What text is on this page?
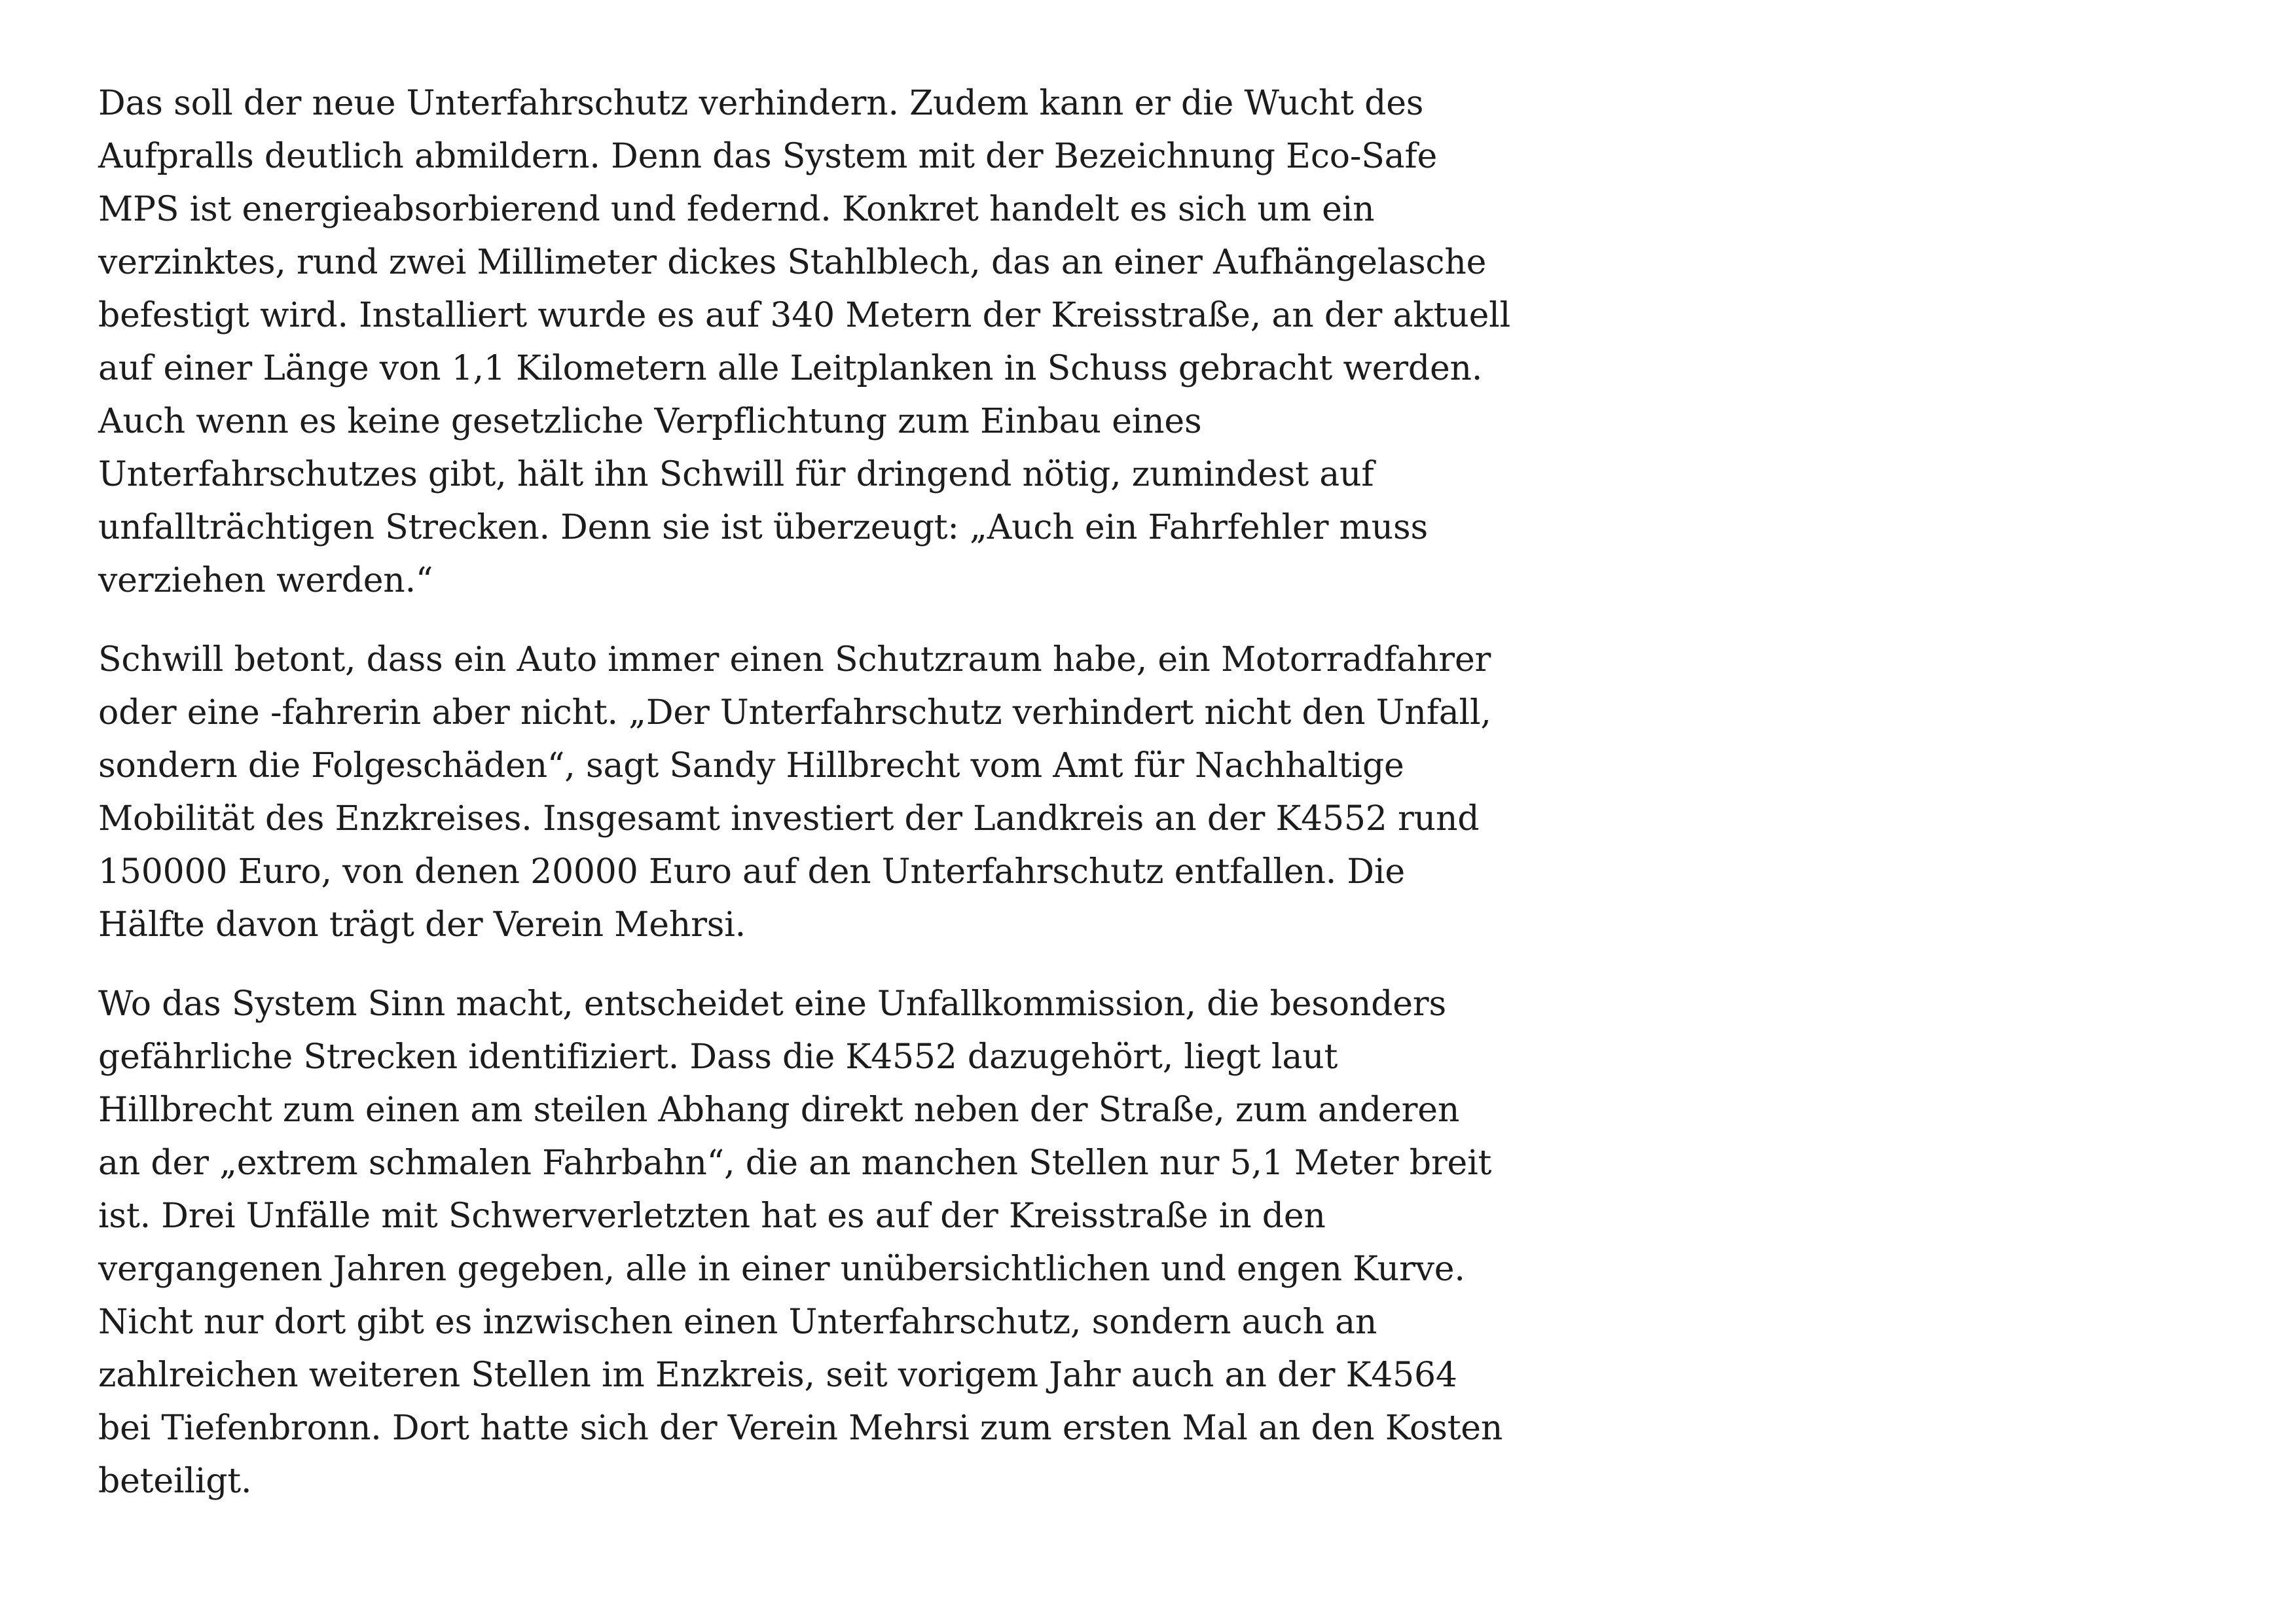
Das soll der neue Unterfahrschutz verhindern. Zudem kann er die Wucht des
Aufpralls deutlich abmildern. Denn das System mit der Bezeichnung Eco-Safe
MPS ist energieabsorbierend und federnd. Konkret handelt es sich um ein
verzinktes, rund zwei Millimeter dickes Stahlblech, das an einer Aufhängelasche
befestigt wird. Installiert wurde es auf 340 Metern der Kreisstraße, an der aktuell
auf einer Länge von 1,1 Kilometern alle Leitplanken in Schuss gebracht werden.
Auch wenn es keine gesetzliche Verpflichtung zum Einbau eines
Unterfahrschutzes gibt, hält ihn Schwill für dringend nötig, zumindest auf
unfallträchtigen Strecken. Denn sie ist überzeugt: „Auch ein Fahrfehler muss
verziehen werden.“

Schwill betont, dass ein Auto immer einen Schutzraum habe, ein Motorradfahrer
oder eine -fahrerin aber nicht. „Der Unterfahrschutz verhindert nicht den Unfall,
sondern die Folgeschäden“, sagt Sandy Hillbrecht vom Amt für Nachhaltige
Mobilität des Enzkreises. Insgesamt investiert der Landkreis an der K4552 rund
150000 Euro, von denen 20000 Euro auf den Unterfahrschutz entfallen. Die
Hälfte davon trägt der Verein Mehrsi.

Wo das System Sinn macht, entscheidet eine Unfallkommission, die besonders
gefährliche Strecken identifiziert. Dass die K4552 dazugehört, liegt laut
Hillbrecht zum einen am steilen Abhang direkt neben der Straße, zum anderen
an der „extrem schmalen Fahrbahn“, die an manchen Stellen nur 5,1 Meter breit
ist. Drei Unfälle mit Schwerverletzten hat es auf der Kreisstraße in den
vergangenen Jahren gegeben, alle in einer unübersichtlichen und engen Kurve.
Nicht nur dort gibt es inzwischen einen Unterfahrschutz, sondern auch an
zahlreichen weiteren Stellen im Enzkreis, seit vorigem Jahr auch an der K4564
bei Tiefenbronn. Dort hatte sich der Verein Mehrsi zum ersten Mal an den Kosten
beteiligt.
